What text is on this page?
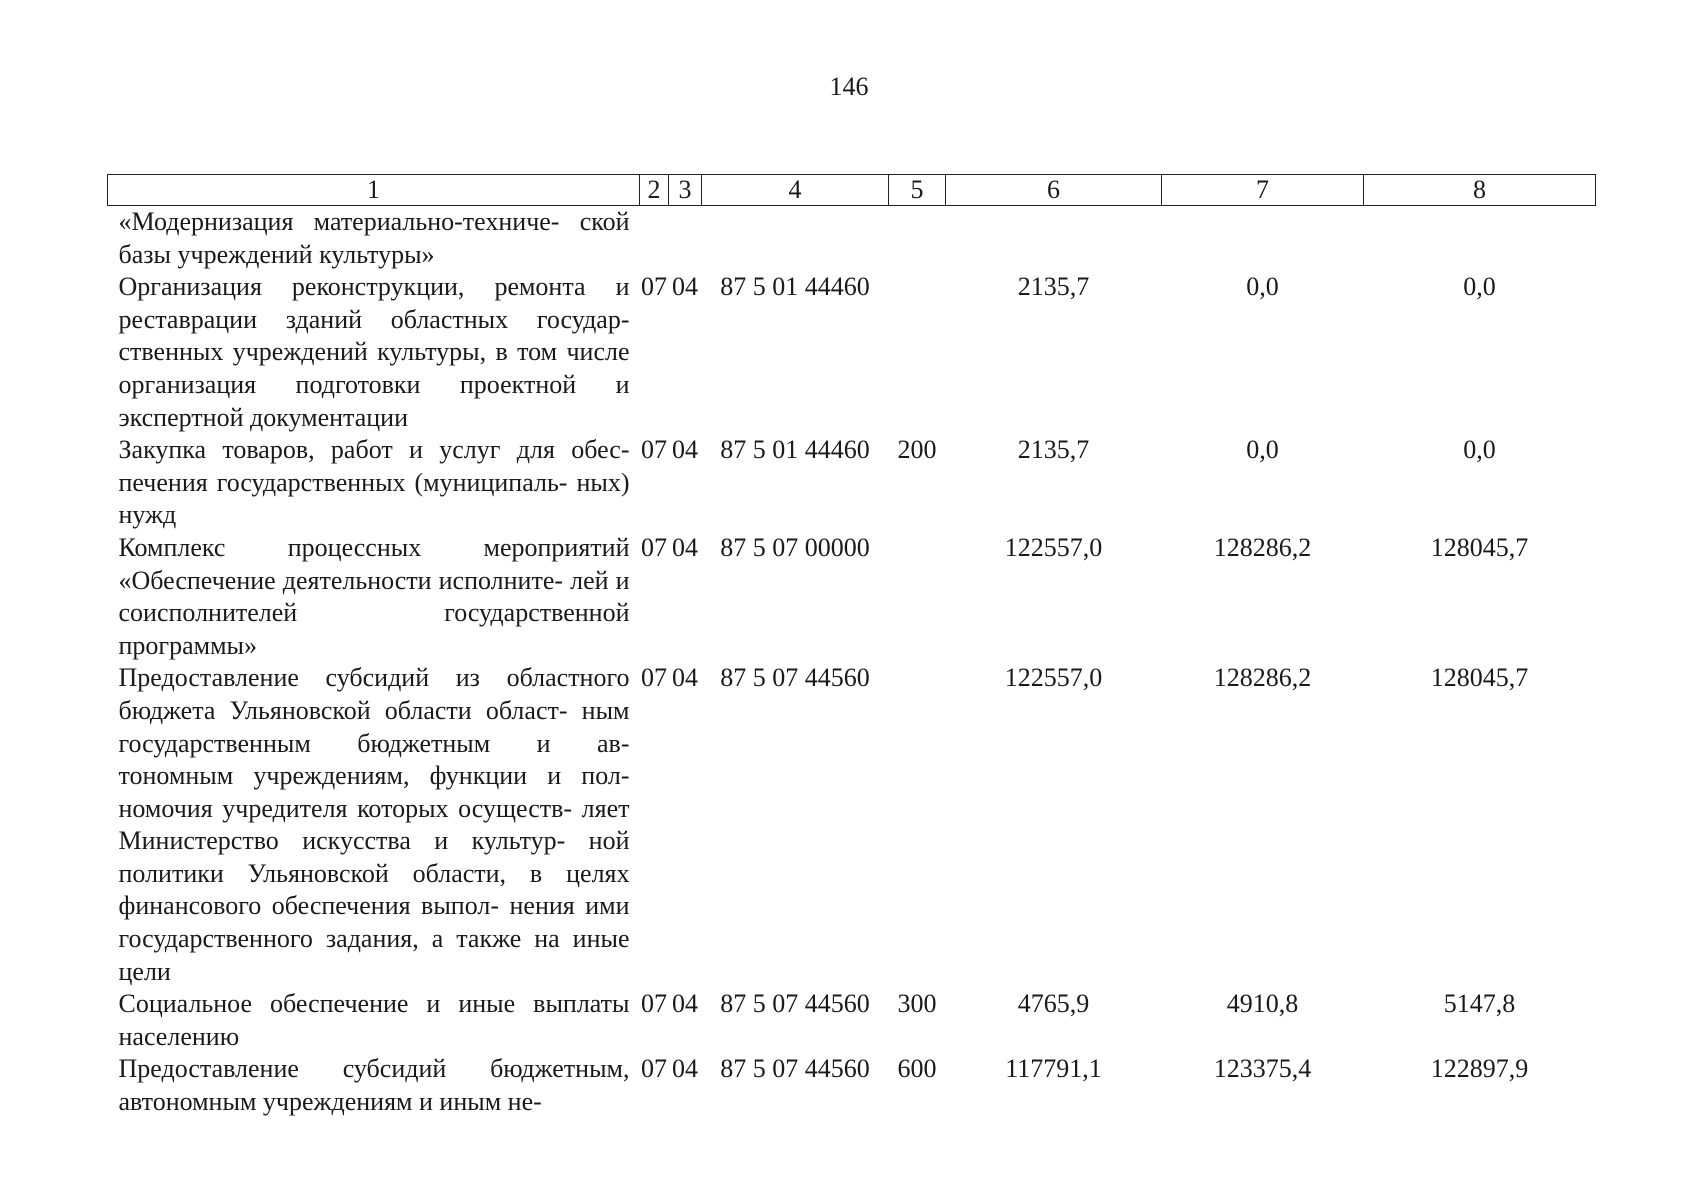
146
1	2	3	4	5	6	7	8
«Модернизация материально-техниче- ской базы учреждений культуры»							
Организация реконструкции, ремонта и реставрации зданий областных государ- ственных учреждений культуры, в том числе организация подготовки проектной и экспертной документации	07	04	87 5 01 44460		2135,7	0,0	0,0
Закупка товаров, работ и услуг для обес- печения государственных (муниципаль- ных) нужд	07	04	87 5 01 44460	200	2135,7	0,0	0,0
Комплекс процессных мероприятий «Обеспечение деятельности исполните- лей и соисполнителей государственной программы»	07	04	87 5 07 00000		122557,0	128286,2	128045,7
Предоставление субсидий из областного бюджета Ульяновской области област- ным государственным бюджетным и ав- тономным учреждениям, функции и пол- номочия учредителя которых осуществ- ляет Министерство искусства и культур- ной политики Ульяновской области, в целях финансового обеспечения выпол- нения ими государственного задания, а также на иные цели	07	04	87 5 07 44560		122557,0	128286,2	128045,7
Социальное обеспечение и иные выплаты населению	07	04	87 5 07 44560	300	4765,9	4910,8	5147,8
Предоставление субсидий бюджетным, автономным учреждениям и иным не-	07	04	87 5 07 44560	600	117791,1	123375,4	122897,9
